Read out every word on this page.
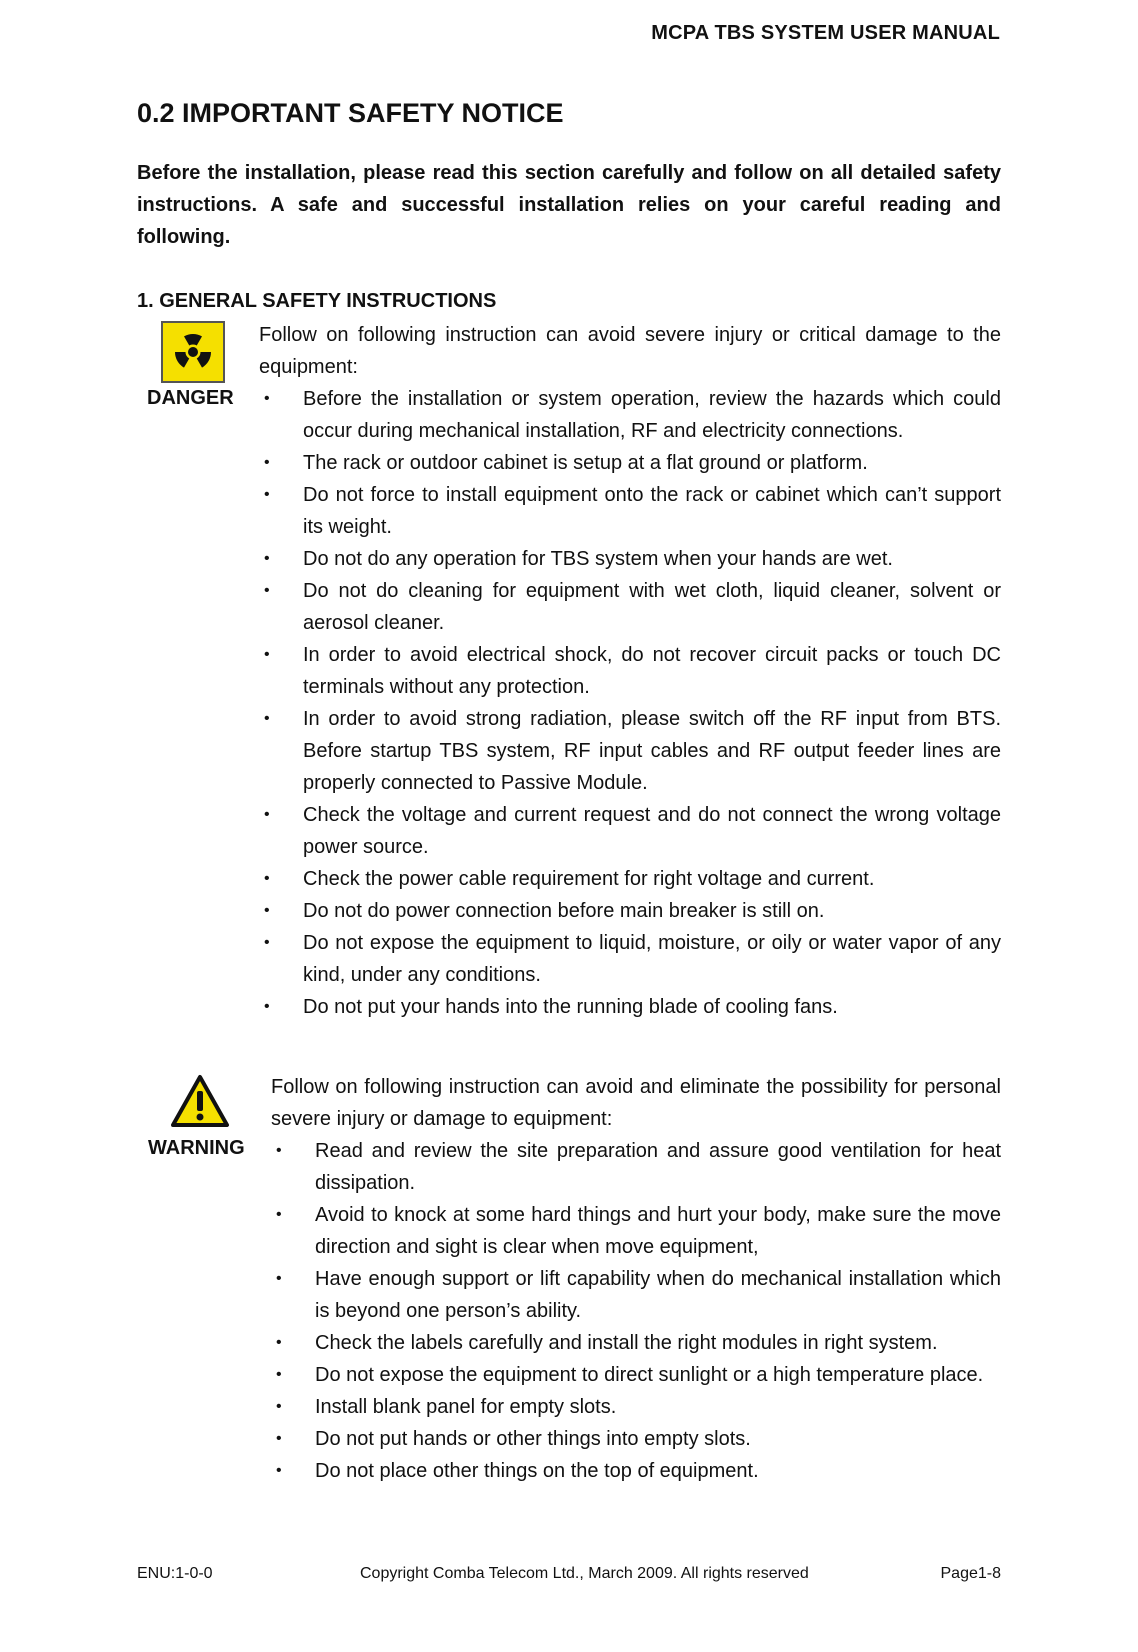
MCPA TBS SYSTEM USER MANUAL
0.2 IMPORTANT SAFETY NOTICE

Before the installation, please read this section carefully and follow on all detailed safety instructions. A safe and successful installation relies on your careful reading and following.

1. GENERAL SAFETY INSTRUCTIONS
DANGER

Follow on following instruction can avoid severe injury or critical damage to the equipment:

• Before the installation or system operation, review the hazards which could occur during mechanical installation, RF and electricity connections.
• The rack or outdoor cabinet is setup at a flat ground or platform.
• Do not force to install equipment onto the rack or cabinet which can’t support its weight.
• Do not do any operation for TBS system when your hands are wet.
• Do not do cleaning for equipment with wet cloth, liquid cleaner, solvent or aerosol cleaner.
• In order to avoid electrical shock, do not recover circuit packs or touch DC terminals without any protection.
• In order to avoid strong radiation, please switch off the RF input from BTS. Before startup TBS system, RF input cables and RF output feeder lines are properly connected to Passive Module.
• Check the voltage and current request and do not connect the wrong voltage power source.
• Check the power cable requirement for right voltage and current.
• Do not do power connection before main breaker is still on.
• Do not expose the equipment to liquid, moisture, or oily or water vapor of any kind, under any conditions.
• Do not put your hands into the running blade of cooling fans.
WARNING

Follow on following instruction can avoid and eliminate the possibility for personal severe injury or damage to equipment:

• Read and review the site preparation and assure good ventilation for heat dissipation.
• Avoid to knock at some hard things and hurt your body, make sure the move direction and sight is clear when move equipment,
• Have enough support or lift capability when do mechanical installation which is beyond one person’s ability.
• Check the labels carefully and install the right modules in right system.
• Do not expose the equipment to direct sunlight or a high temperature place.
• Install blank panel for empty slots.
• Do not put hands or other things into empty slots.
• Do not place other things on the top of equipment.
ENU:1-0-0	Copyright Comba Telecom Ltd., March 2009. All rights reserved	Page1-8
